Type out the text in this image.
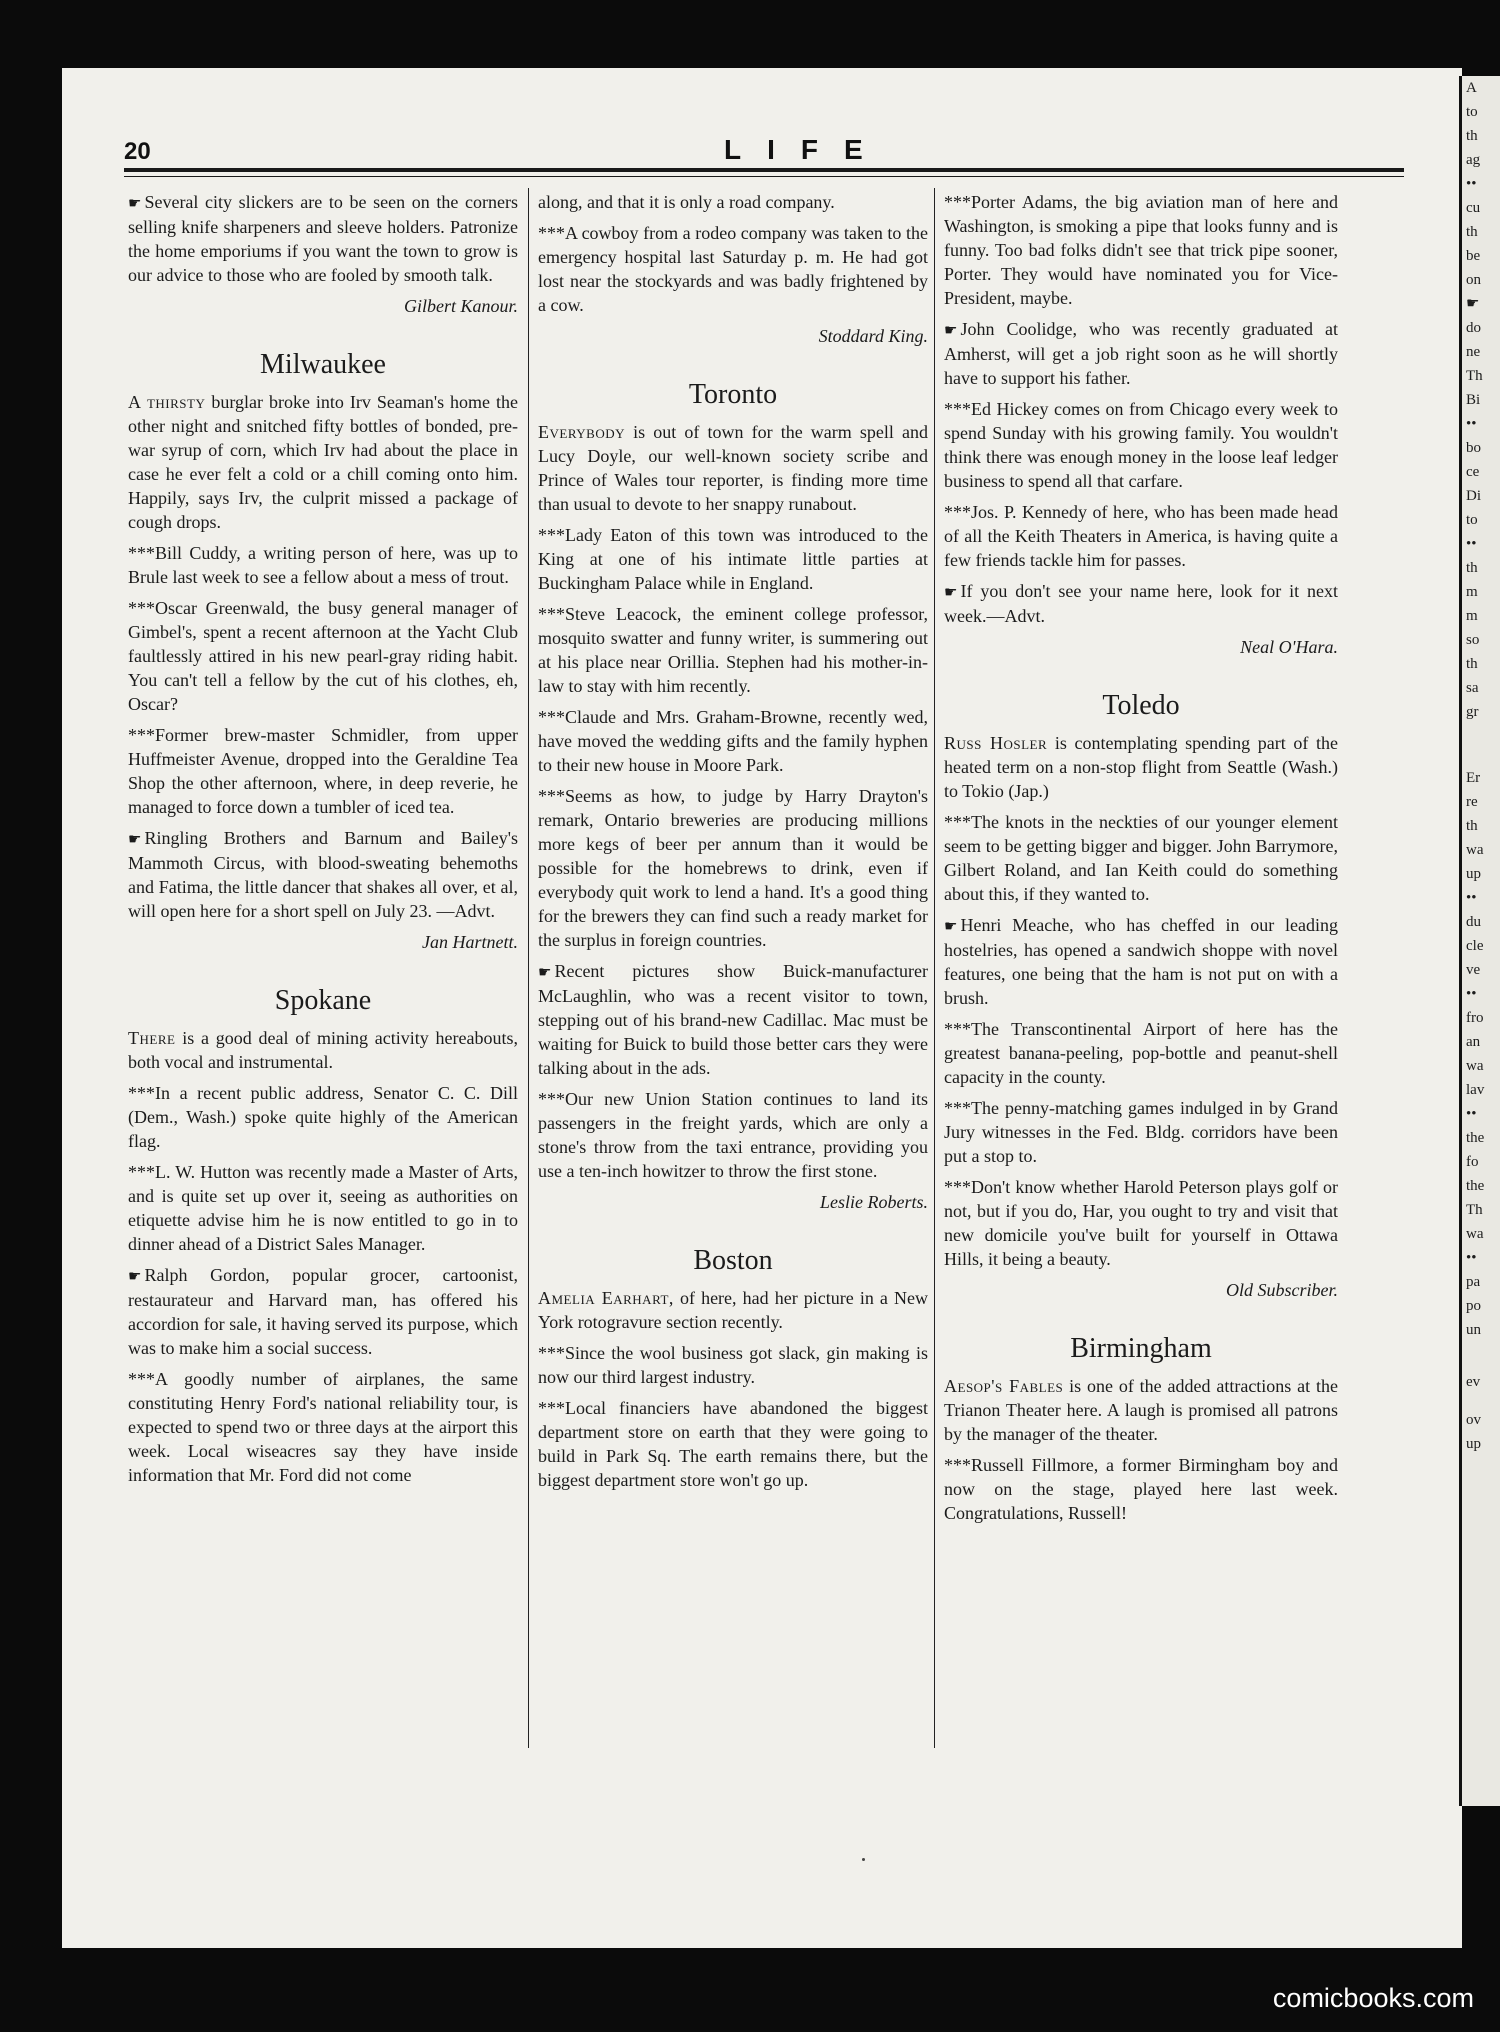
A
to
th
ag
••
cu
th
be
on
☛
do
ne
Th
Bi
••
bo
ce
Di
to
••
th
m
m
so
th
sa
gr
Er
re
th
wa
up
••
du
cle
ve
••
fro
an
wa
lav
••
the
fo
the
Th
wa
••
pa
po
un
ev
ov
up
20	LIFE

☛ Several city slickers are to be seen on the corners selling knife sharpeners and sleeve holders. Patronize the home emporiums if you want the town to grow is our advice to those who are fooled by smooth talk.

Gilbert Kanour.

Milwaukee

A thirsty burglar broke into Irv Seaman's home the other night and snitched fifty bottles of bonded, pre-war syrup of corn, which Irv had about the place in case he ever felt a cold or a chill coming onto him. Happily, says Irv, the culprit missed a package of cough drops.

***Bill Cuddy, a writing person of here, was up to Brule last week to see a fellow about a mess of trout.

***Oscar Greenwald, the busy general manager of Gimbel's, spent a recent afternoon at the Yacht Club faultlessly attired in his new pearl-gray riding habit. You can't tell a fellow by the cut of his clothes, eh, Oscar?

***Former brew-master Schmidler, from upper Huffmeister Avenue, dropped into the Geraldine Tea Shop the other afternoon, where, in deep reverie, he managed to force down a tumbler of iced tea.

☛ Ringling Brothers and Barnum and Bailey's Mammoth Circus, with blood-sweating behemoths and Fatima, the little dancer that shakes all over, et al, will open here for a short spell on July 23. —Advt.

Jan Hartnett.

Spokane

There is a good deal of mining activity hereabouts, both vocal and instrumental.

***In a recent public address, Senator C. C. Dill (Dem., Wash.) spoke quite highly of the American flag.

***L. W. Hutton was recently made a Master of Arts, and is quite set up over it, seeing as authorities on etiquette advise him he is now entitled to go in to dinner ahead of a District Sales Manager.

☛ Ralph Gordon, popular grocer, cartoonist, restaurateur and Harvard man, has offered his accordion for sale, it having served its purpose, which was to make him a social success.

***A goodly number of airplanes, the same constituting Henry Ford's national reliability tour, is expected to spend two or three days at the airport this week. Local wiseacres say they have inside information that Mr. Ford did not come

along, and that it is only a road company.

***A cowboy from a rodeo company was taken to the emergency hospital last Saturday p. m. He had got lost near the stockyards and was badly frightened by a cow.

Stoddard King.

Toronto

Everybody is out of town for the warm spell and Lucy Doyle, our well-known society scribe and Prince of Wales tour reporter, is finding more time than usual to devote to her snappy runabout.

***Lady Eaton of this town was introduced to the King at one of his intimate little parties at Buckingham Palace while in England.

***Steve Leacock, the eminent college professor, mosquito swatter and funny writer, is summering out at his place near Orillia. Stephen had his mother-in-law to stay with him recently.

***Claude and Mrs. Graham-Browne, recently wed, have moved the wedding gifts and the family hyphen to their new house in Moore Park.

***Seems as how, to judge by Harry Drayton's remark, Ontario breweries are producing millions more kegs of beer per annum than it would be possible for the homebrews to drink, even if everybody quit work to lend a hand. It's a good thing for the brewers they can find such a ready market for the surplus in foreign countries.

☛ Recent pictures show Buick-manufacturer McLaughlin, who was a recent visitor to town, stepping out of his brand-new Cadillac. Mac must be waiting for Buick to build those better cars they were talking about in the ads.

***Our new Union Station continues to land its passengers in the freight yards, which are only a stone's throw from the taxi entrance, providing you use a ten-inch howitzer to throw the first stone.

Leslie Roberts.

Boston

Amelia Earhart, of here, had her picture in a New York rotogravure section recently.

***Since the wool business got slack, gin making is now our third largest industry.

***Local financiers have abandoned the biggest department store on earth that they were going to build in Park Sq. The earth remains there, but the biggest department store won't go up.

***Porter Adams, the big aviation man of here and Washington, is smoking a pipe that looks funny and is funny. Too bad folks didn't see that trick pipe sooner, Porter. They would have nominated you for Vice-President, maybe.

☛ John Coolidge, who was recently graduated at Amherst, will get a job right soon as he will shortly have to support his father.

***Ed Hickey comes on from Chicago every week to spend Sunday with his growing family. You wouldn't think there was enough money in the loose leaf ledger business to spend all that carfare.

***Jos. P. Kennedy of here, who has been made head of all the Keith Theaters in America, is having quite a few friends tackle him for passes.

☛ If you don't see your name here, look for it next week.—Advt.

Neal O'Hara.

Toledo

Russ Hosler is contemplating spending part of the heated term on a non-stop flight from Seattle (Wash.) to Tokio (Jap.)

***The knots in the neckties of our younger element seem to be getting bigger and bigger. John Barrymore, Gilbert Roland, and Ian Keith could do something about this, if they wanted to.

☛ Henri Meache, who has cheffed in our leading hostelries, has opened a sandwich shoppe with novel features, one being that the ham is not put on with a brush.

***The Transcontinental Airport of here has the greatest banana-peeling, pop-bottle and peanut-shell capacity in the county.

***The penny-matching games indulged in by Grand Jury witnesses in the Fed. Bldg. corridors have been put a stop to.

***Don't know whether Harold Peterson plays golf or not, but if you do, Har, you ought to try and visit that new domicile you've built for yourself in Ottawa Hills, it being a beauty.

Old Subscriber.

Birmingham

Aesop's Fables is one of the added attractions at the Trianon Theater here. A laugh is promised all patrons by the manager of the theater.

***Russell Fillmore, a former Birmingham boy and now on the stage, played here last week. Congratulations, Russell!

comicbooks.com
